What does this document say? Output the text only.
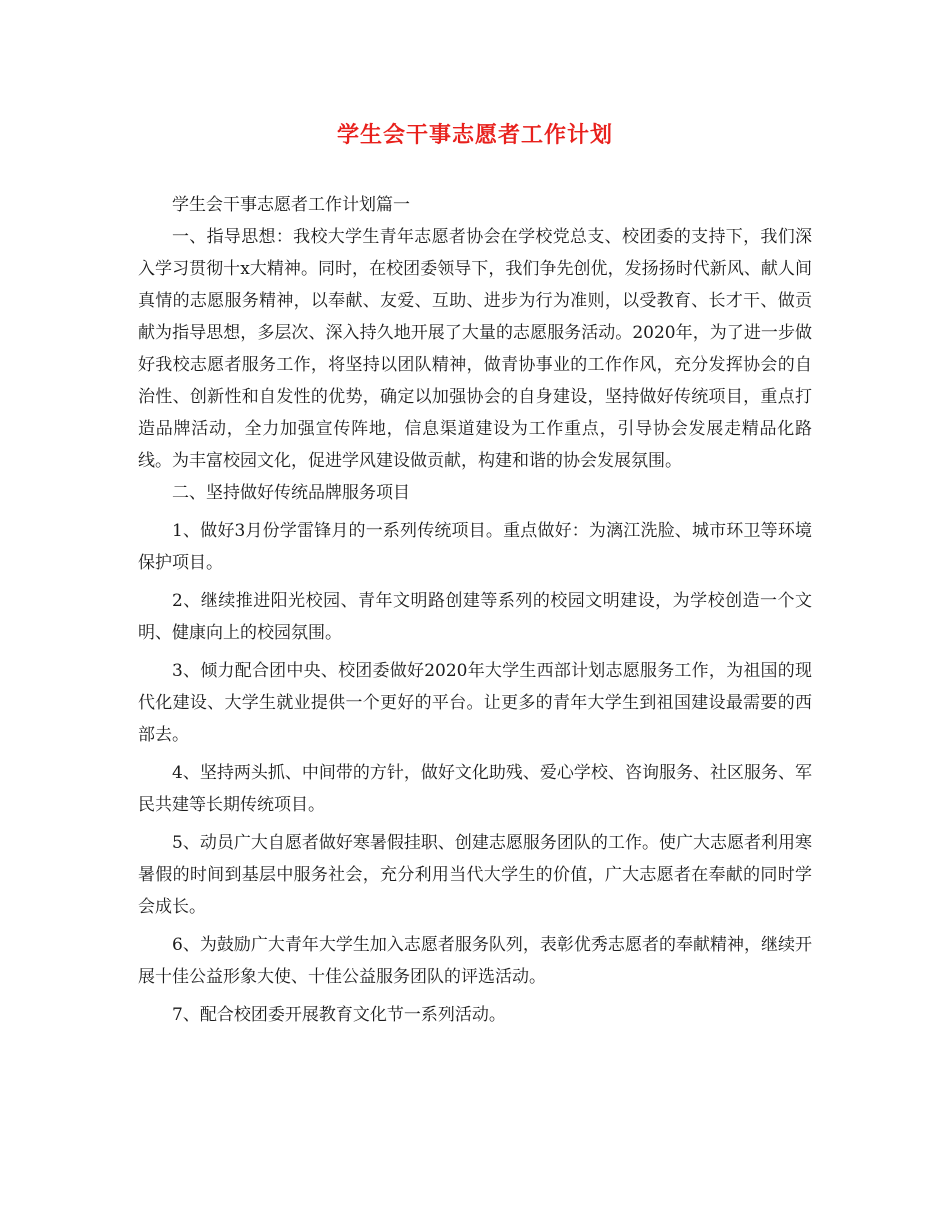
学生会干事志愿者工作计划

学生会干事志愿者工作计划篇一

一、指导思想：我校大学生青年志愿者协会在学校党总支、校团委的支持下，我们深入学习贯彻十x大精神。同时，在校团委领导下，我们争先创优，发扬扬时代新风、献人间真情的志愿服务精神，以奉献、友爱、互助、进步为行为准则，以受教育、长才干、做贡献为指导思想，多层次、深入持久地开展了大量的志愿服务活动。2020年，为了进一步做好我校志愿者服务工作，将坚持以团队精神，做青协事业的工作作风，充分发挥协会的自治性、创新性和自发性的优势，确定以加强协会的自身建设，坚持做好传统项目，重点打造品牌活动，全力加强宣传阵地，信息渠道建设为工作重点，引导协会发展走精品化路线。为丰富校园文化，促进学风建设做贡献，构建和谐的协会发展氛围。

二、坚持做好传统品牌服务项目

1、做好3月份学雷锋月的一系列传统项目。重点做好：为漓江洗脸、城市环卫等环境保护项目。

2、继续推进阳光校园、青年文明路创建等系列的校园文明建设，为学校创造一个文明、健康向上的校园氛围。

3、倾力配合团中央、校团委做好2020年大学生西部计划志愿服务工作，为祖国的现代化建设、大学生就业提供一个更好的平台。让更多的青年大学生到祖国建设最需要的西部去。

4、坚持两头抓、中间带的方针，做好文化助残、爱心学校、咨询服务、社区服务、军民共建等长期传统项目。

5、动员广大自愿者做好寒暑假挂职、创建志愿服务团队的工作。使广大志愿者利用寒暑假的时间到基层中服务社会，充分利用当代大学生的价值，广大志愿者在奉献的同时学会成长。

6、为鼓励广大青年大学生加入志愿者服务队列，表彰优秀志愿者的奉献精神，继续开展十佳公益形象大使、十佳公益服务团队的评选活动。

7、配合校团委开展教育文化节一系列活动。
